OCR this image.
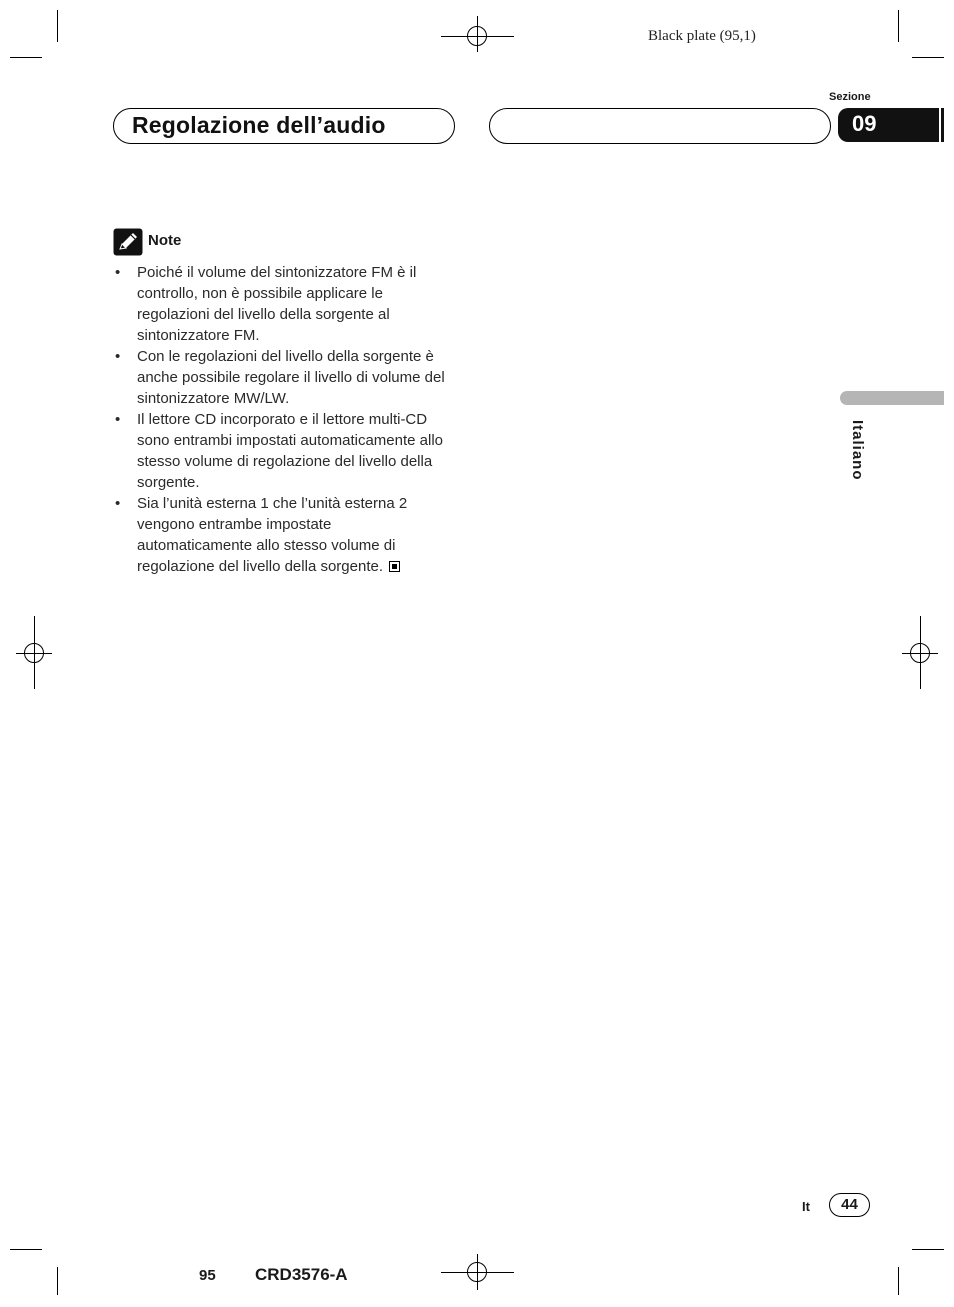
Black plate (95,1)
Sezione
Regolazione dell’audio	09
Note
• Poiché il volume del sintonizzatore FM è il controllo, non è possibile applicare le regolazioni del livello della sorgente al sintonizzatore FM.
• Con le regolazioni del livello della sorgente è anche possibile regolare il livello di volume del sintonizzatore MW/LW.
• Il lettore CD incorporato e il lettore multi-CD sono entrambi impostati automaticamente allo stesso volume di regolazione del livello della sorgente.
• Sia l’unità esterna 1 che l’unità esterna 2 vengono entrambe impostate automaticamente allo stesso volume di regolazione del livello della sorgente.
Italiano
It	44
95 CRD3576-A
